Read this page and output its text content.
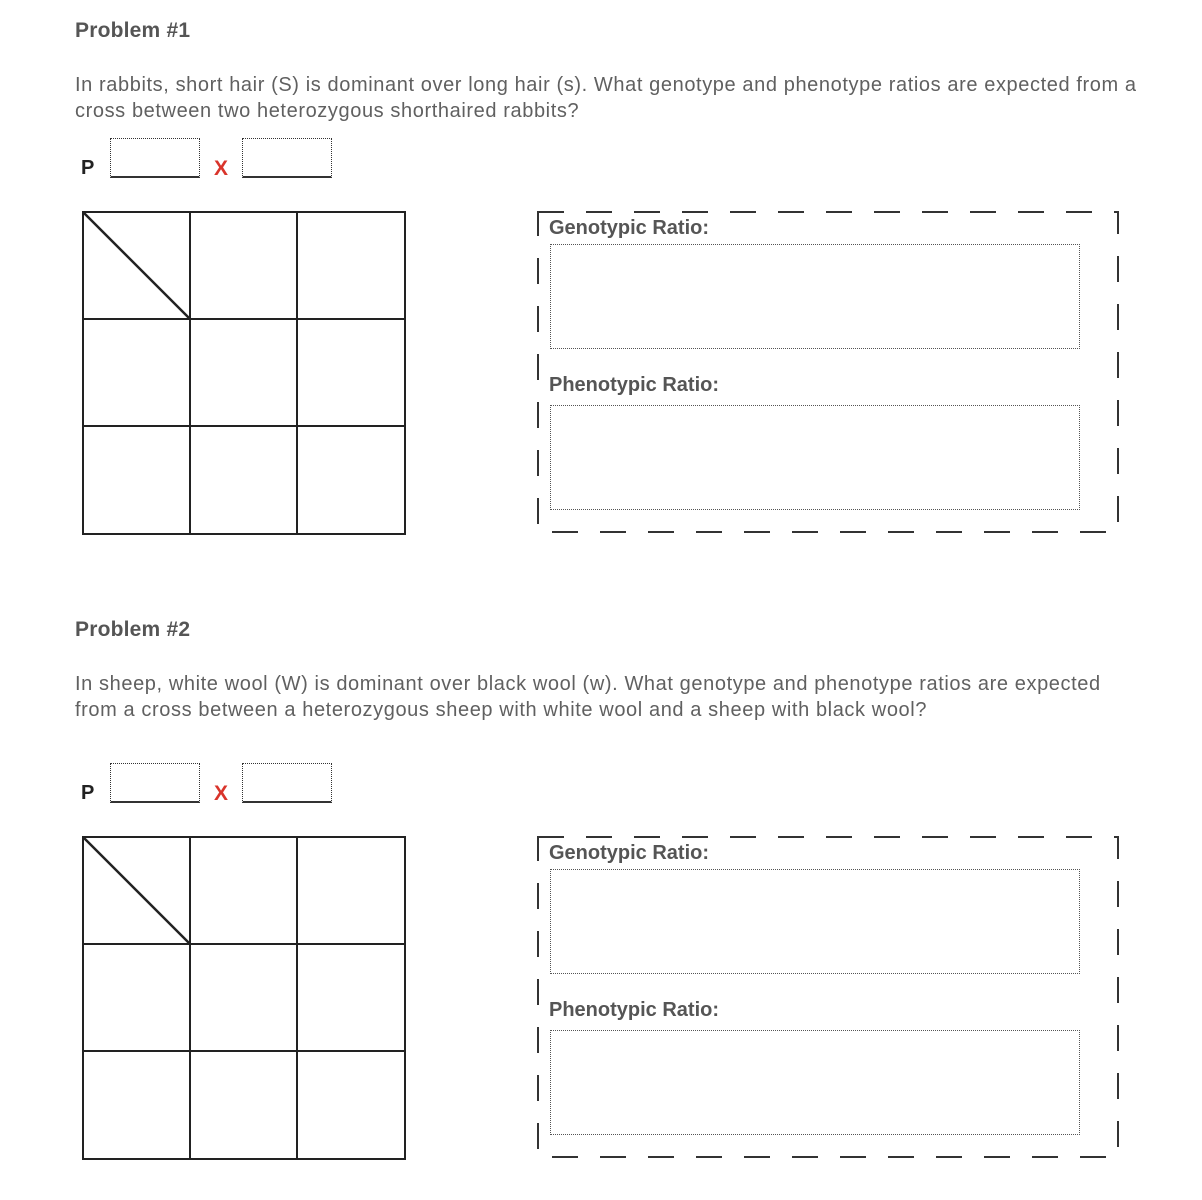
Problem #1

In rabbits, short hair (S) is dominant over long hair (s). What genotype and phenotype ratios are expected from a cross between two heterozygous shorthaired rabbits?

P	X
Genotypic Ratio:
Phenotypic Ratio:
Problem #2

In sheep, white wool (W) is dominant over black wool (w). What genotype and phenotype ratios are expected from a cross between a heterozygous sheep with white wool and a sheep with black wool?

P	X
Genotypic Ratio:
Phenotypic Ratio:
